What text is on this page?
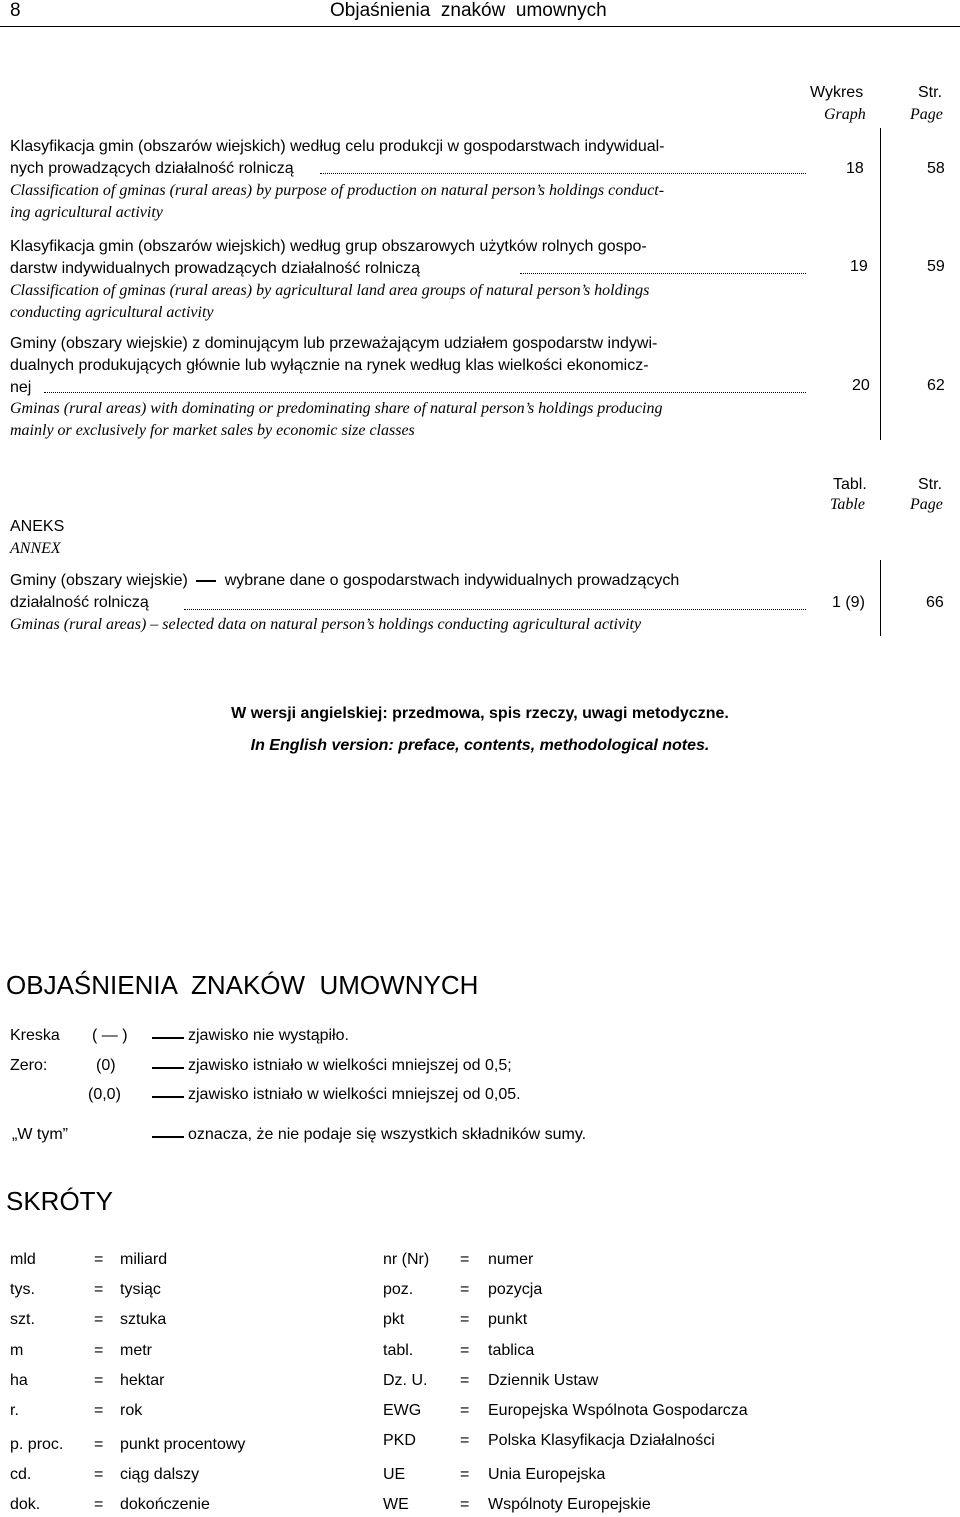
8	Objaśnienia  znaków  umownych
Wykres
Graph
Str.
Page
Klasyfikacja gmin (obszarów wiejskich) według celu produkcji w gospodarstwach indywidual-
nych prowadzących działalność rolniczą	18	58
Classification of gminas (rural areas) by purpose of production on natural person’s holdings conduct-
ing agricultural activity
Klasyfikacja gmin (obszarów wiejskich) według grup obszarowych użytków rolnych gospo-
darstw indywidualnych prowadzących działalność rolniczą	19	59
Classification of gminas (rural areas) by agricultural land area groups of natural person’s holdings
conducting agricultural activity
Gminy (obszary wiejskie) z dominującym lub przeważającym udziałem gospodarstw indywi-
dualnych produkujących głównie lub wyłącznie na rynek według klas wielkości ekonomicz-
nej	20	62
Gminas (rural areas) with dominating or predominating share of natural person’s holdings producing
mainly or exclusively for market sales by economic size classes
Tabl.
Table
Str.
Page
ANEKS
ANNEX
Gminy (obszary wiejskie) wybrane dane o gospodarstwach indywidualnych prowadzących
działalność rolniczą	1 (9)	66
Gminas (rural areas) – selected data on natural person’s holdings conducting agricultural activity
W wersji angielskiej: przedmowa, spis rzeczy, uwagi metodyczne.
In English version: preface, contents, methodological notes.
OBJAŚNIENIA  ZNAKÓW  UMOWNYCH
Kreska ( — )	zjawisko nie wystąpiło.
Zero:	(0)	zjawisko istniało w wielkości mniejszej od 0,5;
(0,0)	zjawisko istniało w wielkości mniejszej od 0,05.
„W tym”	oznacza, że nie podaje się wszystkich składników sumy.
SKRÓTY
mld	= miliard
tys.	= tysiąc
szt.	= sztuka
m	= metr
ha	= hektar
r.	= rok
p. proc. = punkt procentowy
cd.	= ciąg dalszy
dok.	= dokończenie
nr (Nr) = numer
poz.	= pozycja
pkt	= punkt
tabl.	= tablica
Dz. U. = Dziennik Ustaw
EWG = Europejska Wspólnota Gospodarcza
PKD	= Polska Klasyfikacja Działalności
UE	= Unia Europejska
WE	= Wspólnoty Europejskie
